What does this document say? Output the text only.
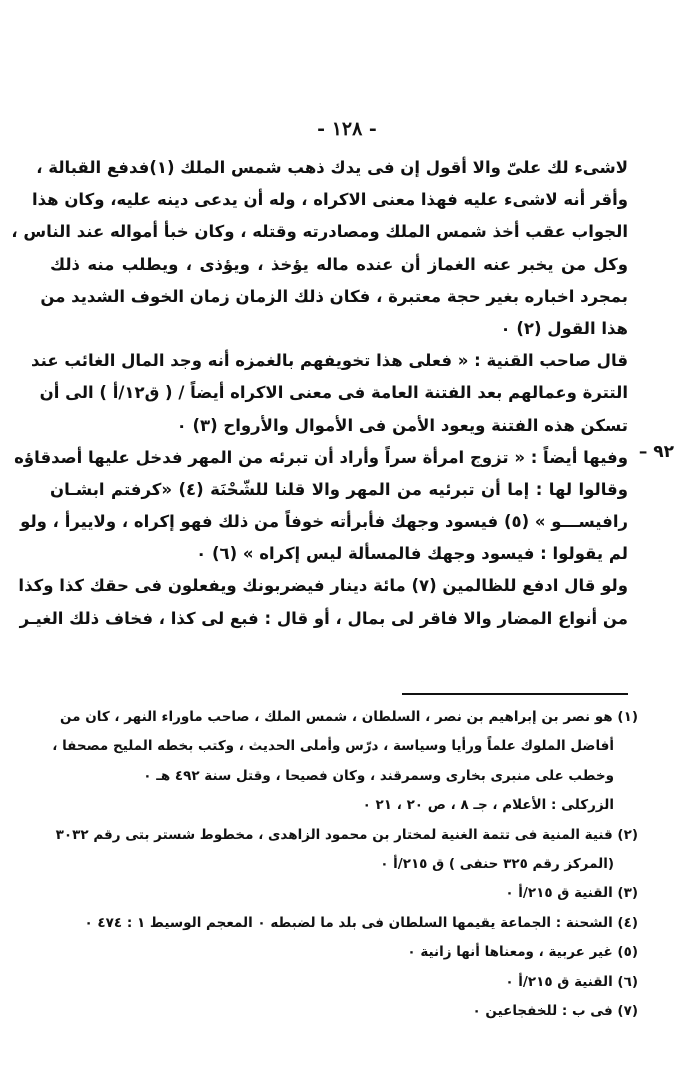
- ١٢٨ -
لاشىء لك علىّ والا أقول إن فى يدك ذهب شمس الملك (١)فدفع القبالة ،
وأقر أنه لاشىء عليه فهذا معنى الاكراه ، وله أن يدعى دينه عليه، وكان هذا
الجواب عقب أخذ شمس الملك ومصادرته وقتله ، وكان خبأ أمواله عند الناس ،
وكل من يخبر عنه الغماز أن عنده ماله يؤخذ ، ويؤذى ، ويطلب منه ذلك
بمجرد اخباره بغير حجة معتبرة ، فكان ذلك الزمان زمان الخوف الشديد من
هذا القول (٢) ٠
قال صاحب القنية : « فعلى هذا تخويفهم بالغمزه أنه وجد المال الغائب عند
التترة وعمالهم بعد الفتنة العامة فى معنى الاكراه أيضاً / ( ق١٢/أ ) الى أن
تسكن هذه الفتنة ويعود الأمن فى الأموال والأرواح (٣) ٠
٩٢ –
وفيها أيضاً : « تزوج امرأة سراً وأراد أن تبرئه من المهر فدخل عليها أصدقاؤه
وقالوا لها : إما أن تبرئيه من المهر والا قلنا للشّحْنَة (٤) «كرفتم ابشـان
رافيســـو » (٥) فيسود وجهك فأبرأته خوفاً من ذلك فهو إكراه ، ولاييرأ ، ولو
لم يقولوا : فيسود وجهك فالمسألة ليس إكراه » (٦) ٠
ولو قال ادفع للظالمين (٧) مائة دينار فيضربونك ويفعلون فى حقك كذا وكذا
من أنواع المضار والا فاقر لى بمال ، أو قال : فبع لى كذا ، فخاف ذلك الغيـر
(١) هو نصر بن إبراهيم بن نصر ، السلطان ، شمس الملك ، صاحب ماوراء النهر ، كان من
أفاضل الملوك علماً ورأيا وسياسة ، درّس وأملى الحديث ، وكتب بخطه المليح مصحفا ،
وخطب على منبرى بخارى وسمرقند ، وكان فصيحا ، وقتل سنة ٤٩٢ هـ ٠
الزركلى : الأعلام ، جـ ٨ ، ص ٢٠ ، ٢١ ٠
(٢) قنية المنية فى تتمة الغنية لمختار بن محمود الزاهدى ، مخطوط شستر بتى رقم ٣٠٣٢
(المركز رقم ٣٢٥ حنفى ) ق ٢١٥/أ ٠
(٣) القنية ق ٢١٥/أ ٠
(٤) الشحنة : الجماعة يقيمها السلطان فى بلد ما لضبطه ٠ المعجم الوسيط ١ : ٤٧٤ ٠
(٥) غير عربية ، ومعناها أنها زانية ٠
(٦) القنية ق ٢١٥/أ ٠
(٧) فى ب : للخفجاعين ٠
